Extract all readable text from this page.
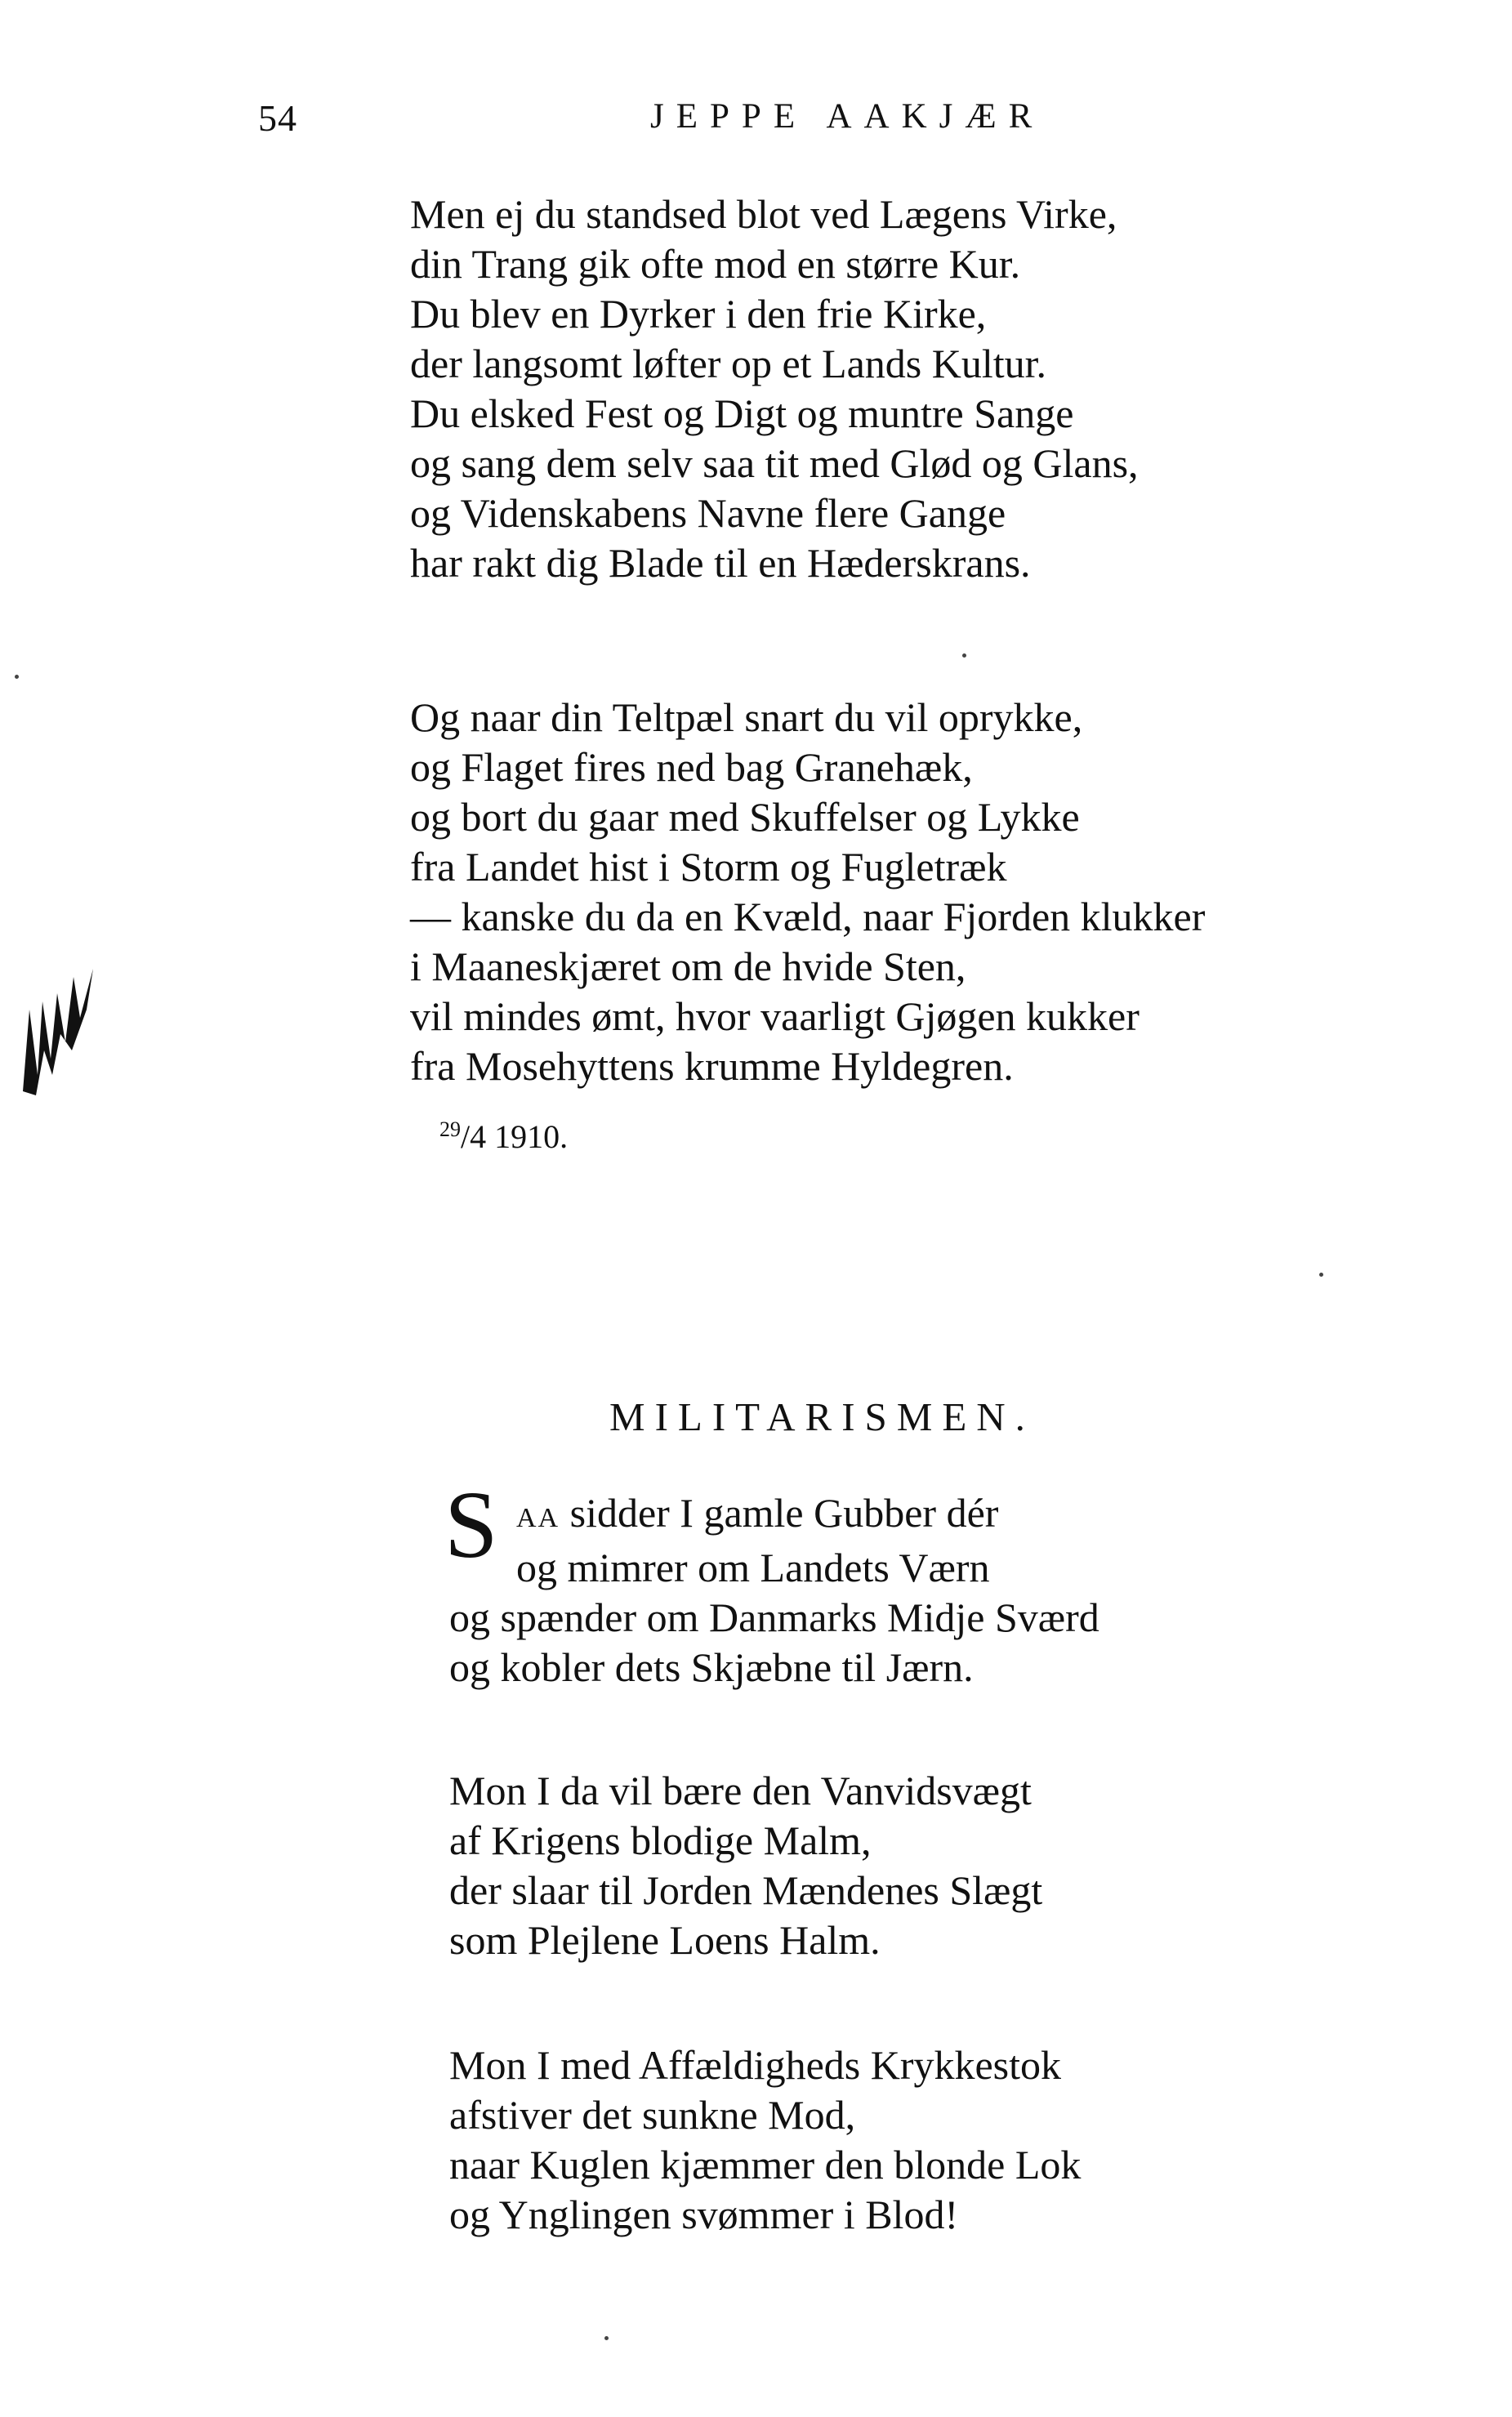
54	JEPPE AAKJÆR
Men ej du standsed blot ved Lægens Virke,
din Trang gik ofte mod en større Kur.
Du blev en Dyrker i den frie Kirke,
der langsomt løfter op et Lands Kultur.
Du elsked Fest og Digt og muntre Sange
og sang dem selv saa tit med Glød og Glans,
og Videnskabens Navne flere Gange
har rakt dig Blade til en Hæderskrans.
Og naar din Teltpæl snart du vil oprykke,
og Flaget fires ned bag Granehæk,
og bort du gaar med Skuffelser og Lykke
fra Landet hist i Storm og Fugletræk
— kanske du da en Kvæld, naar Fjorden klukker
i Maaneskjæret om de hvide Sten,
vil mindes ømt, hvor vaarligt Gjøgen kukker
fra Mosehyttens krumme Hyldegren.
$^{29}$/4 1910.
MILITARISMEN.
S AA sidder I gamle Gubber dér
og mimrer om Landets Værn
og spænder om Danmarks Midje Sværd
og kobler dets Skjæbne til Jærn.
Mon I da vil bære den Vanvidsvægt
af Krigens blodige Malm,
der slaar til Jorden Mændenes Slægt
som Plejlene Loens Halm.
Mon I med Affældigheds Krykkestok
afstiver det sunkne Mod,
naar Kuglen kjæmmer den blonde Lok
og Ynglingen svømmer i Blod!
